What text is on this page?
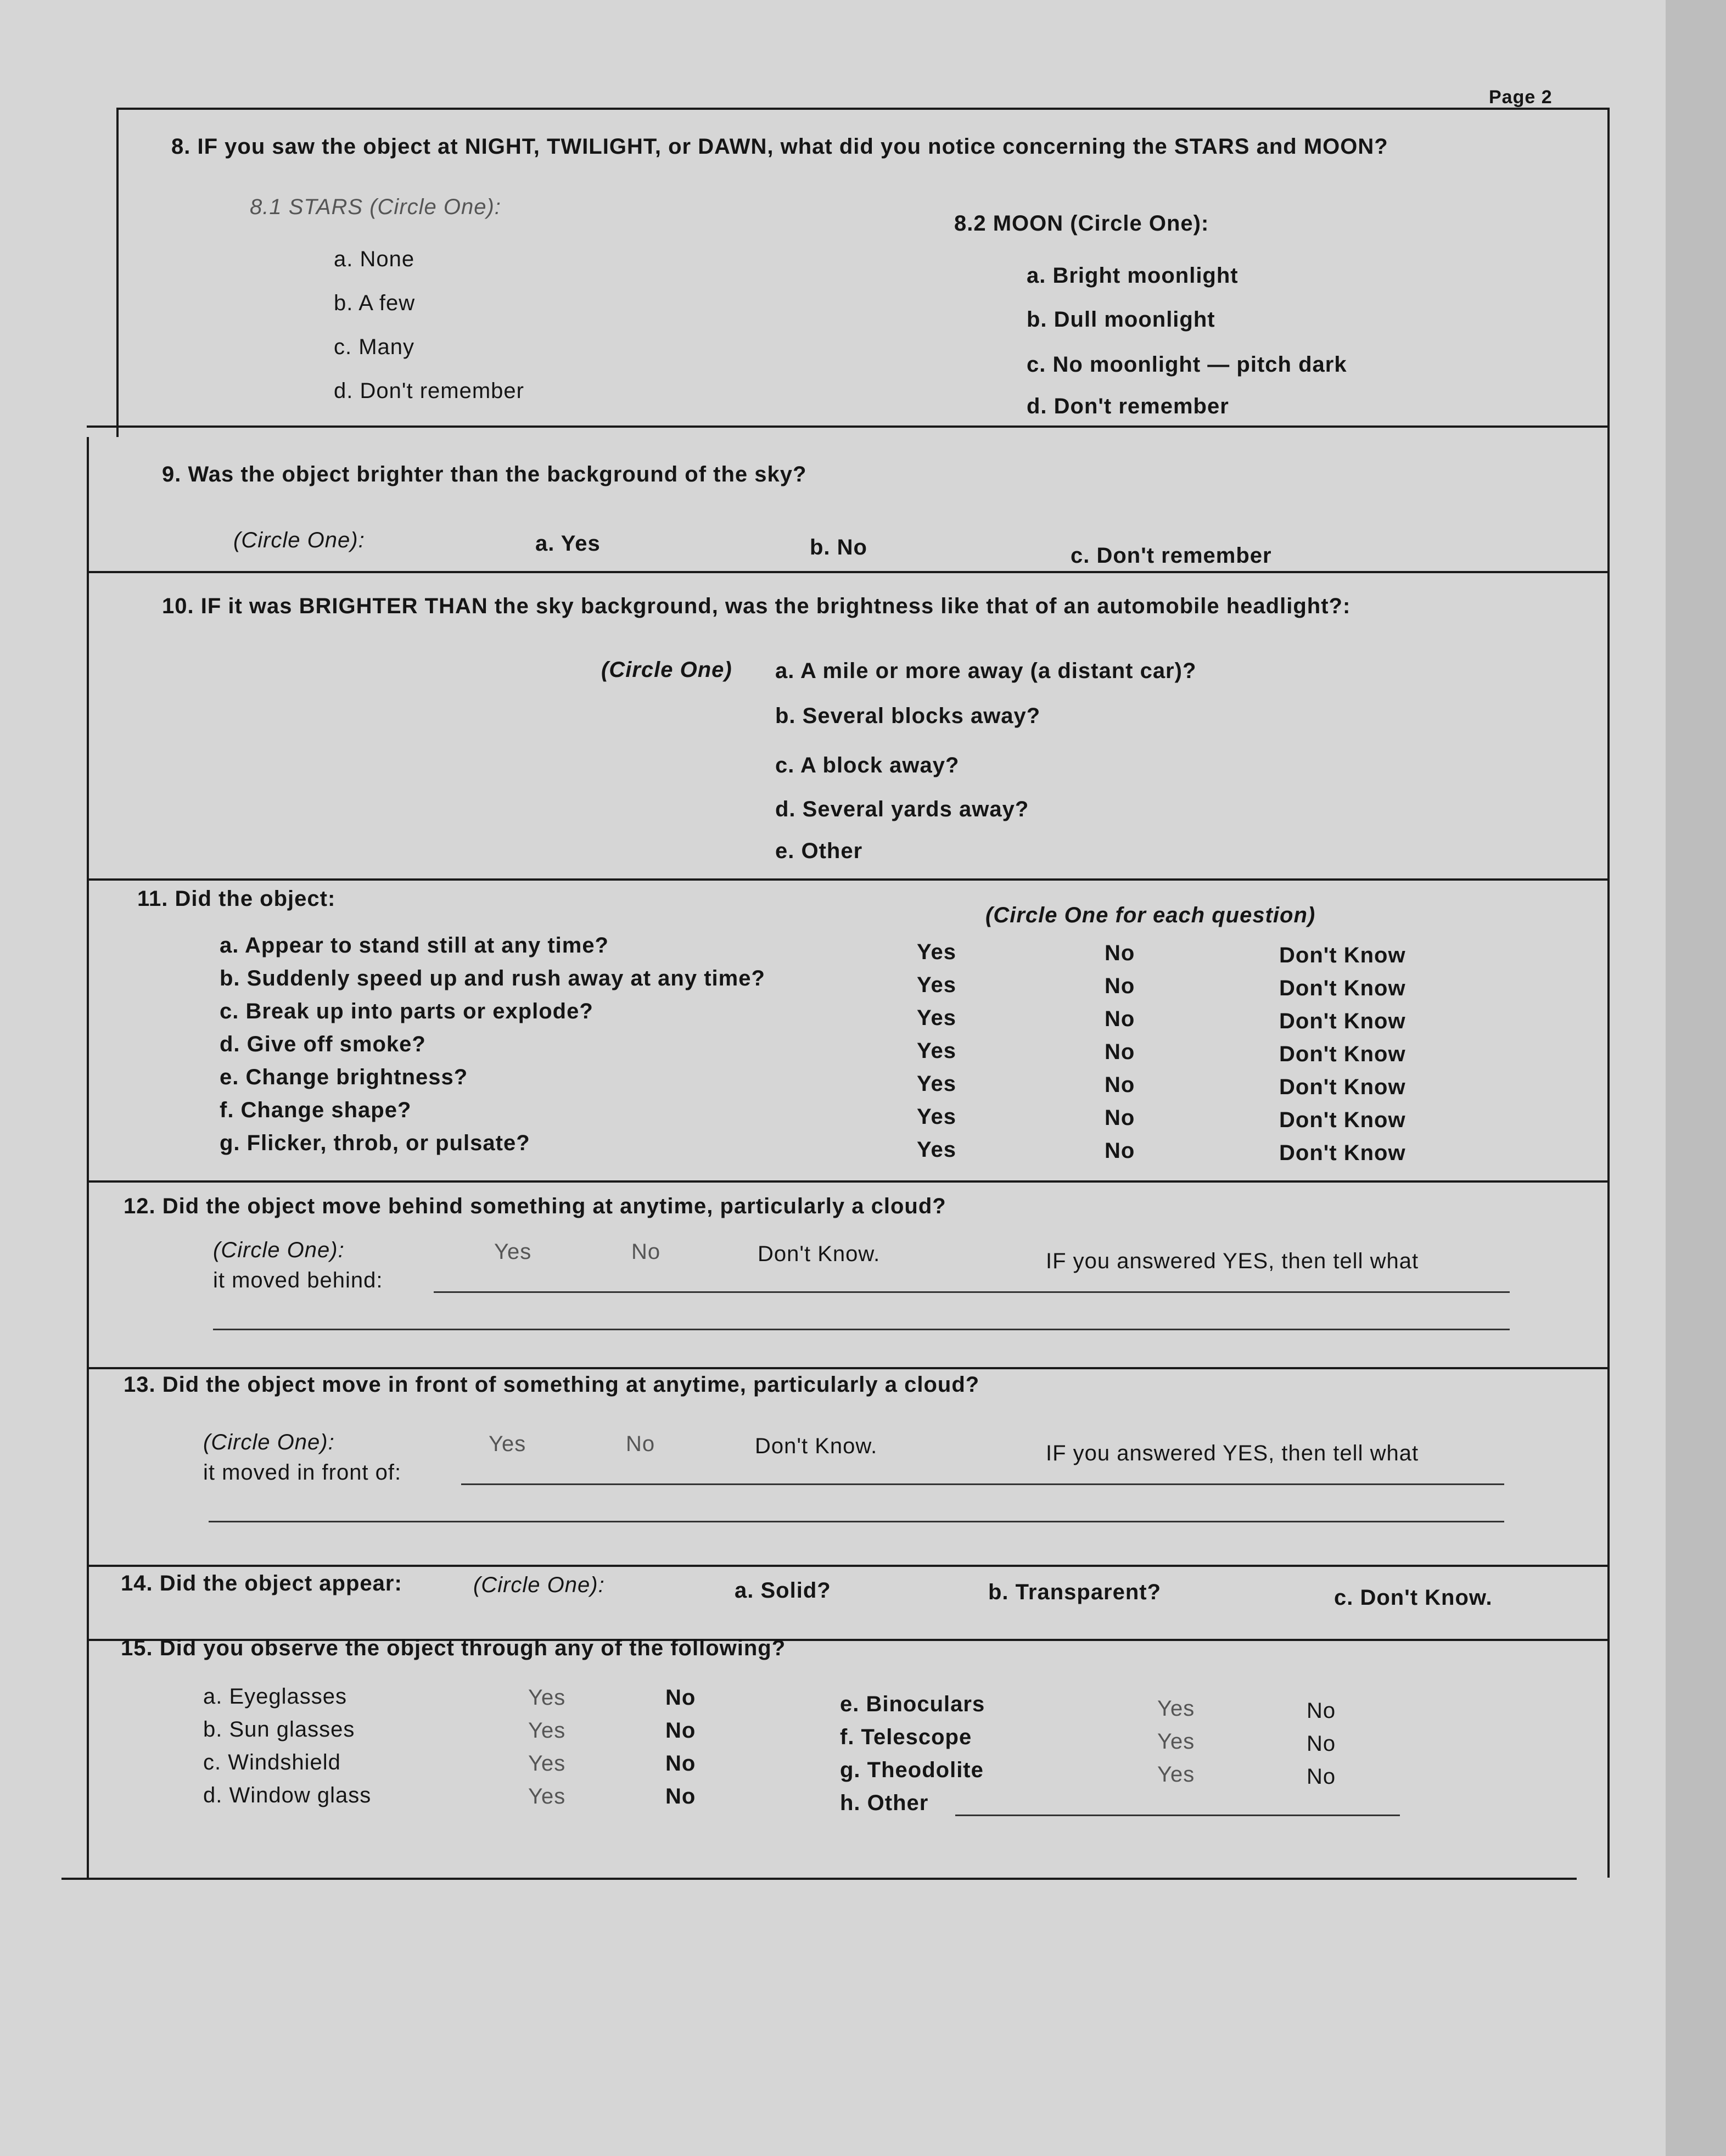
Page 2
8. IF you saw the object at NIGHT, TWILIGHT, or DAWN, what did you notice concerning the STARS and MOON?
8.1 STARS (Circle One):
a. None
b. A few
c. Many
d. Don't remember
8.2 MOON (Circle One):
a. Bright moonlight
b. Dull moonlight
c. No moonlight — pitch dark
d. Don't remember
9. Was the object brighter than the background of the sky?
(Circle One):	a. Yes	b. No	c. Don't remember
10. IF it was BRIGHTER THAN the sky background, was the brightness like that of an automobile headlight?:
(Circle One) a. A mile or more away (a distant car)?
b. Several blocks away?
c. A block away?
d. Several yards away?
e. Other
11. Did the object:
(Circle One for each question)
a. Appear to stand still at any time?	Yes	No	Don't Know
b. Suddenly speed up and rush away at any time?	Yes	No	Don't Know
c. Break up into parts or explode?	Yes	No	Don't Know
d. Give off smoke?	Yes	No	Don't Know
e. Change brightness?	Yes	No	Don't Know
f. Change shape?	Yes	No	Don't Know
g. Flicker, throb, or pulsate?	Yes	No	Don't Know
12. Did the object move behind something at anytime, particularly a cloud?
(Circle One):	Yes	No	Don't Know.	IF you answered YES, then tell what
it moved behind:
13. Did the object move in front of something at anytime, particularly a cloud?
(Circle One):	Yes	No	Don't Know.	IF you answered YES, then tell what
it moved in front of:
14. Did the object appear:	(Circle One):	a. Solid?	b. Transparent?	c. Don't Know.
15. Did you observe the object through any of the following?
a. Eyeglasses	Yes	No
b. Sun glasses	Yes	No
c. Windshield	Yes	No
d. Window glass	Yes	No
e. Binoculars	Yes	No
f. Telescope	Yes	No
g. Theodolite	Yes	No
h. Other
